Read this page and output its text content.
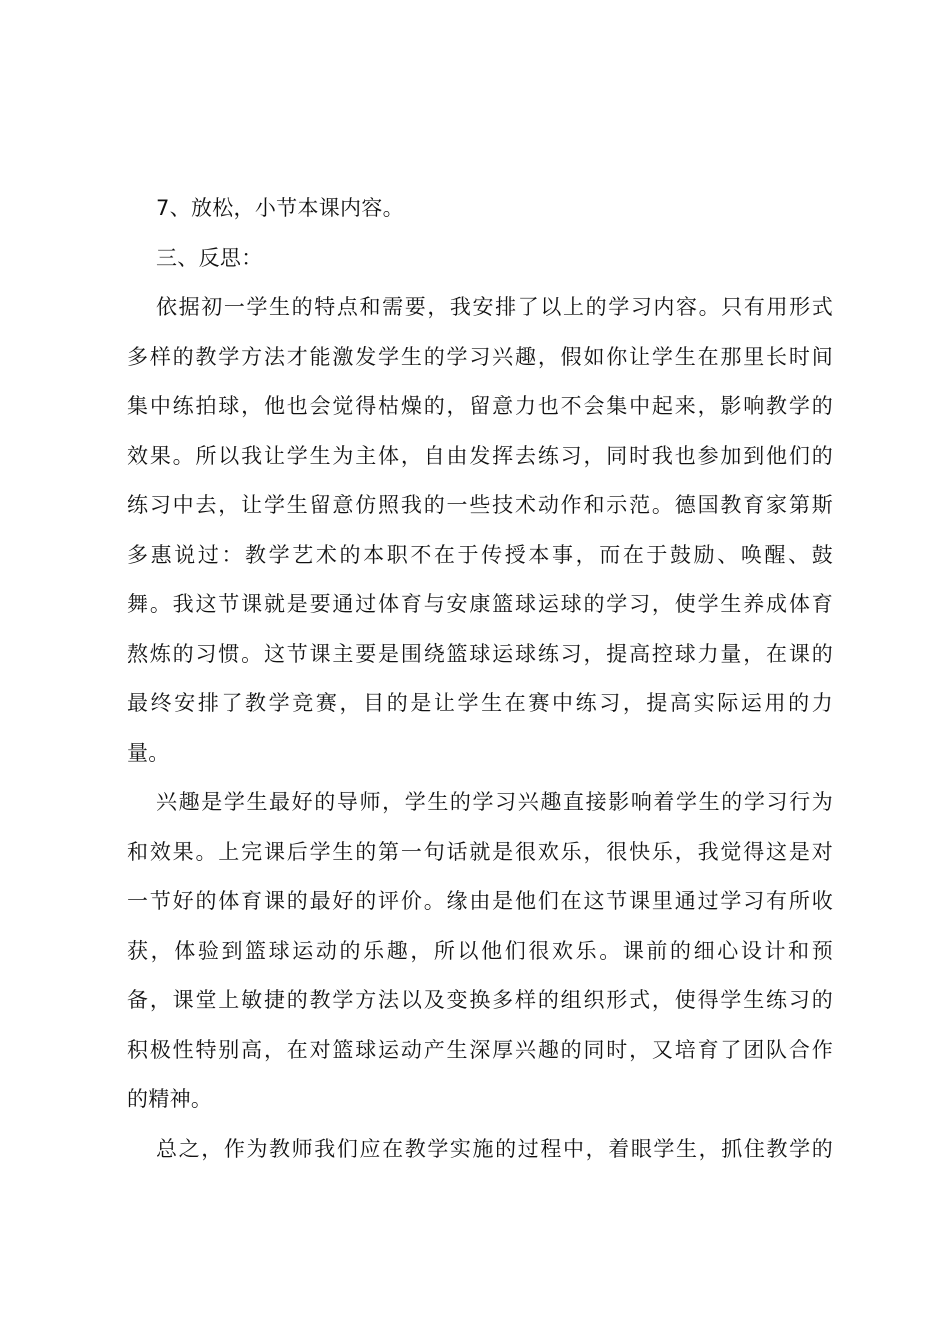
7、放松，小节本课内容。
三、反思：
依据初一学生的特点和需要，我安排了以上的学习内容。只有用形式
多样的教学方法才能激发学生的学习兴趣，假如你让学生在那里长时间
集中练拍球，他也会觉得枯燥的，留意力也不会集中起来，影响教学的
效果。所以我让学生为主体，自由发挥去练习，同时我也参加到他们的
练习中去，让学生留意仿照我的一些技术动作和示范。德国教育家第斯
多惠说过：教学艺术的本职不在于传授本事，而在于鼓励、唤醒、鼓
舞。我这节课就是要通过体育与安康篮球运球的学习，使学生养成体育
熬炼的习惯。这节课主要是围绕篮球运球练习，提高控球力量，在课的
最终安排了教学竞赛，目的是让学生在赛中练习，提高实际运用的力
量。
兴趣是学生最好的导师，学生的学习兴趣直接影响着学生的学习行为
和效果。上完课后学生的第一句话就是很欢乐，很快乐，我觉得这是对
一节好的体育课的最好的评价。缘由是他们在这节课里通过学习有所收
获，体验到篮球运动的乐趣，所以他们很欢乐。课前的细心设计和预
备，课堂上敏捷的教学方法以及变换多样的组织形式，使得学生练习的
积极性特别高，在对篮球运动产生深厚兴趣的同时，又培育了团队合作
的精神。
总之，作为教师我们应在教学实施的过程中，着眼学生，抓住教学的
